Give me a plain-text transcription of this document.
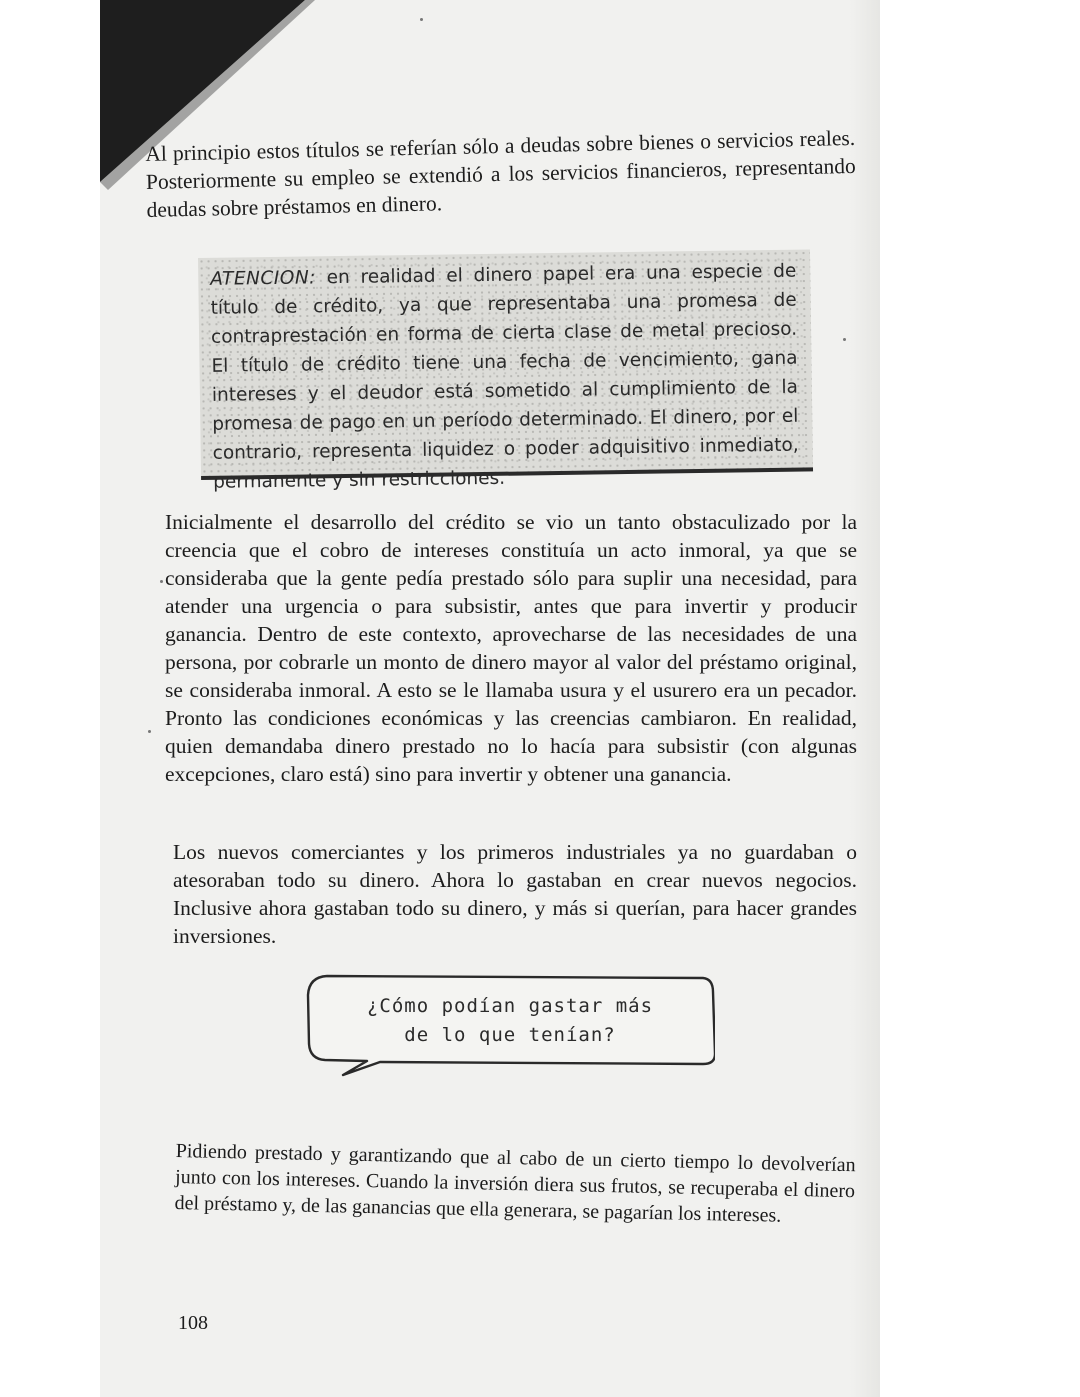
Al principio estos títulos se referían sólo a deudas sobre bienes o servicios reales. Posteriormente su empleo se extendió a los servicios financieros, representando deudas sobre préstamos en dinero.

ATENCION: en realidad el dinero papel era una especie de título de crédito, ya que representaba una promesa de contraprestación en forma de cierta clase de metal precioso. El título de crédito tiene una fecha de vencimiento, gana intereses y el deudor está sometido al cumplimiento de la promesa de pago en un período determinado. El dinero, por el contrario, representa liquidez o poder adquisitivo inmediato, permanente y sin restricciones.

Inicialmente el desarrollo del crédito se vio un tanto obstaculizado por la creencia que el cobro de intereses constituía un acto inmoral, ya que se consideraba que la gente pedía prestado sólo para suplir una necesidad, para atender una urgencia o para subsistir, antes que para invertir y producir ganancia. Dentro de este contexto, aprovecharse de las necesidades de una persona, por cobrarle un monto de dinero mayor al valor del préstamo original, se consideraba inmoral. A esto se le llamaba usura y el usurero era un pecador. Pronto las condiciones económicas y las creencias cambiaron. En realidad, quien demandaba dinero prestado no lo hacía para subsistir (con algunas excepciones, claro está) sino para invertir y obtener una ganancia.

Los nuevos comerciantes y los primeros industriales ya no guardaban o atesoraban todo su dinero. Ahora lo gastaban en crear nuevos negocios. Inclusive ahora gastaban todo su dinero, y más si querían, para hacer grandes inversiones.

¿Cómo podían gastar más
de lo que tenían?

Pidiendo prestado y garantizando que al cabo de un cierto tiempo lo devolverían junto con los intereses. Cuando la inversión diera sus frutos, se recuperaba el dinero del préstamo y, de las ganancias que ella generara, se pagarían los intereses.

108
